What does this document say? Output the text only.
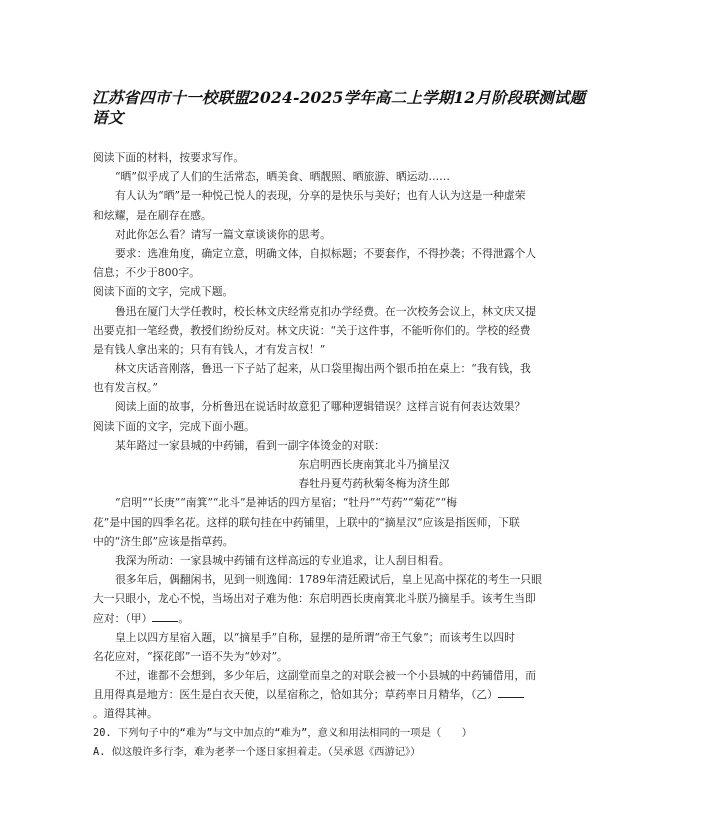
江苏省四市十一校联盟2024-2025学年高二上学期12月阶段联测试题
语文
阅读下面的材料，按要求写作。
“晒”似乎成了人们的生活常态，晒美食、晒靓照、晒旅游、晒运动……
有人认为“晒”是一种悦己悦人的表现，分享的是快乐与美好；也有人认为这是一种虚荣
和炫耀，是在刷存在感。
对此你怎么看？请写一篇文章谈谈你的思考。
要求：选准角度，确定立意，明确文体，自拟标题；不要套作，不得抄袭；不得泄露个人
信息；不少于800字。
阅读下面的文字，完成下题。
鲁迅在厦门大学任教时，校长林文庆经常克扣办学经费。在一次校务会议上，林文庆又提
出要克扣一笔经费，教授们纷纷反对。林文庆说：“关于这件事，不能听你们的。学校的经费
是有钱人拿出来的；只有有钱人，才有发言权！”
林文庆话音刚落，鲁迅一下子站了起来，从口袋里掏出两个银币拍在桌上：“我有钱，我
也有发言权。”
阅读上面的故事，分析鲁迅在说话时故意犯了哪种逻辑错误？这样言说有何表达效果？
阅读下面的文字，完成下面小题。
某年路过一家县城的中药铺，看到一副字体烫金的对联：
东启明西长庚南箕北斗乃摘星汉
春牡丹夏芍药秋菊冬梅为济生郎
“启明”“长庚”“南箕”“北斗”是神话的四方星宿；“牡丹”“芍药”“菊花”“梅
花”是中国的四季名花。这样的联句挂在中药铺里，上联中的“摘星汉”应该是指医师，下联
中的“济生郎”应该是指草药。
我深为所动：一家县城中药铺有这样高远的专业追求，让人刮目相看。
很多年后，偶翻闲书，见到一则逸闻：1789年清廷殿试后，皇上见高中探花的考生一只眼
大一只眼小，龙心不悦，当场出对子难为他：东启明西长庚南箕北斗朕乃摘星手。该考生当即
应对：（甲） 。
皇上以四方星宿入题，以“摘星手”自称，显摆的是所谓“帝王气象”；而该考生以四时
名花应对，“探花郎”一语不失为“妙对”。
不过，谁都不会想到，多少年后，这副堂而皇之的对联会被一个小县城的中药铺借用，而
且用得真是地方：医生是白衣天使，以星宿称之，恰如其分；草药率日月精华，（乙）
。道得其神。
20. 下列句子中的“难为”与文中加点的“难为”，意义和用法相同的一项是（　　）
A. 似这般许多行李，难为老孝一个逐日家担着走。（吴承恩《西游记》）
